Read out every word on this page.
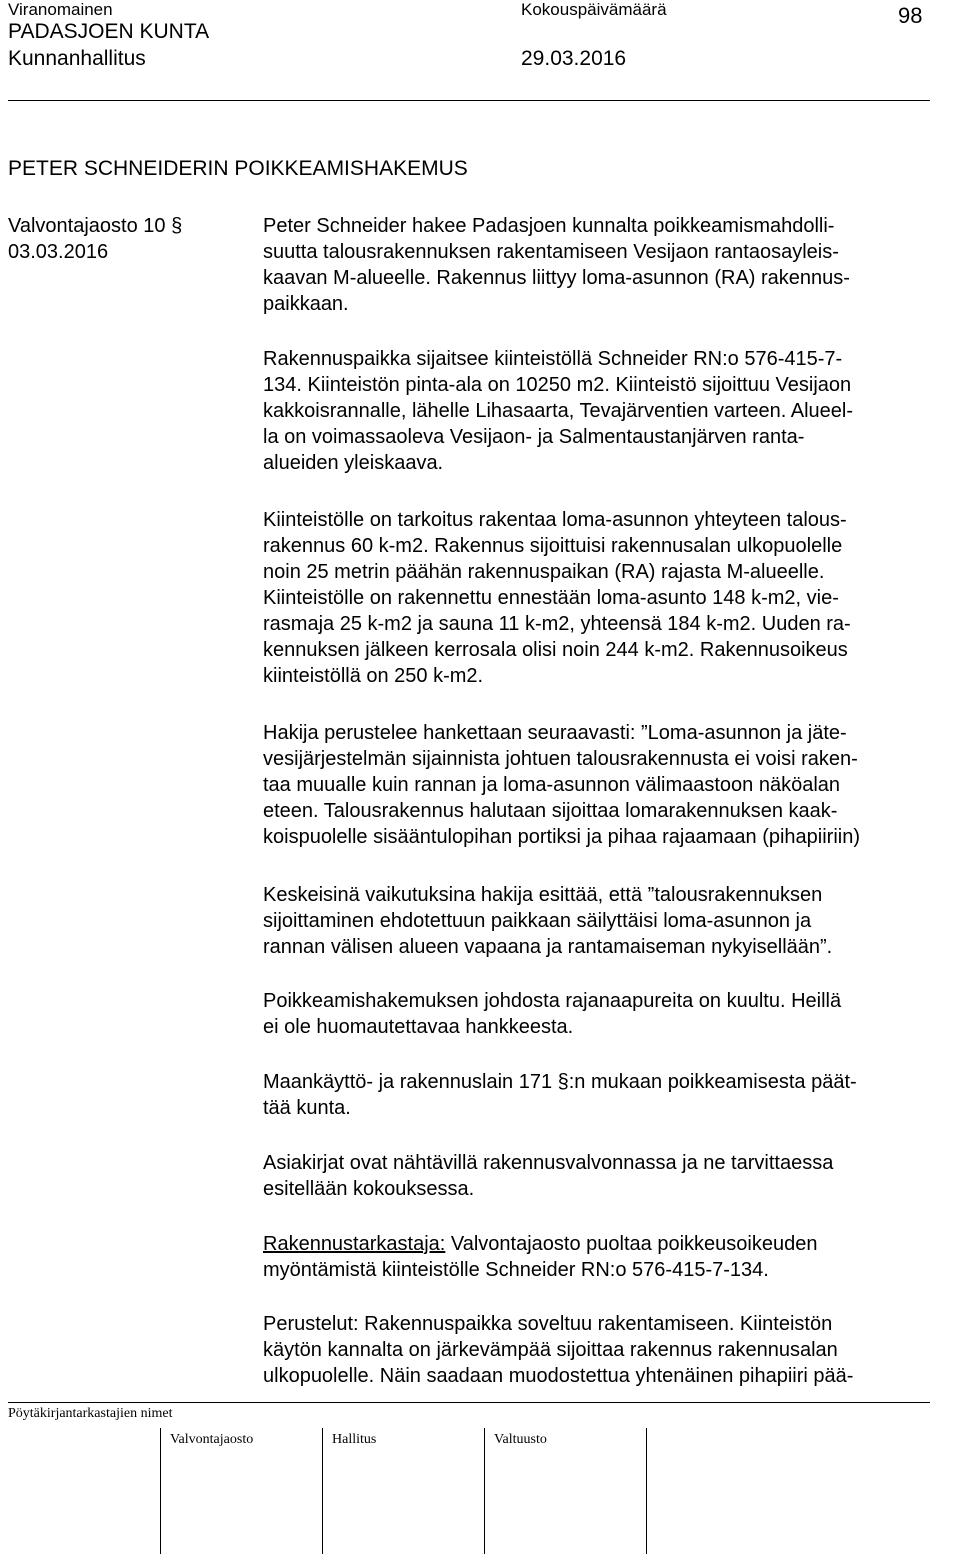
Viranomainen
PADASJOEN KUNTA
Kunnanhallitus
Kokouspäivämäärä
29.03.2016
98
PETER SCHNEIDERIN POIKKEAMISHAKEMUS
Valvontajaosto 10 §
03.03.2016
Peter Schneider hakee Padasjoen kunnalta poikkeamismahdolli-
suutta talousrakennuksen rakentamiseen Vesijaon rantaosayleis-
kaavan M-alueelle. Rakennus liittyy loma-asunnon (RA) rakennus-
paikkaan.
Rakennuspaikka sijaitsee kiinteistöllä Schneider RN:o 576-415-7-
134. Kiinteistön pinta-ala on 10250 m2. Kiinteistö sijoittuu Vesijaon
kakkoisrannalle, lähelle Lihasaarta, Tevajärventien varteen. Alueel-
la on voimassaoleva Vesijaon- ja Salmentaustanjärven ranta-
alueiden yleiskaava.
Kiinteistölle on tarkoitus rakentaa loma-asunnon yhteyteen talous-
rakennus 60 k-m2. Rakennus sijoittuisi rakennusalan ulkopuolelle
noin 25 metrin päähän rakennuspaikan (RA) rajasta M-alueelle.
Kiinteistölle on rakennettu ennestään loma-asunto 148 k-m2, vie-
rasmaja 25 k-m2 ja sauna 11 k-m2, yhteensä 184 k-m2. Uuden ra-
kennuksen jälkeen kerrosala olisi noin 244 k-m2. Rakennusoikeus
kiinteistöllä on 250 k-m2.
Hakija perustelee hankettaan seuraavasti: ”Loma-asunnon ja jäte-
vesijärjestelmän sijainnista johtuen talousrakennusta ei voisi raken-
taa muualle kuin rannan ja loma-asunnon välimaastoon näköalan
eteen. Talousrakennus halutaan sijoittaa lomarakennuksen kaak-
koispuolelle sisääntulopihan portiksi ja pihaa rajaamaan (pihapiiriin)
Keskeisinä vaikutuksina hakija esittää, että ”talousrakennuksen
sijoittaminen ehdotettuun paikkaan säilyttäisi loma-asunnon ja
rannan välisen alueen vapaana ja rantamaiseman nykyisellään”.
Poikkeamishakemuksen johdosta rajanaapureita on kuultu. Heillä
ei ole huomautettavaa hankkeesta.
Maankäyttö- ja rakennuslain 171 §:n mukaan poikkeamisesta päät-
tää kunta.
Asiakirjat ovat nähtävillä rakennusvalvonnassa ja ne tarvittaessa
esitellään kokouksessa.
Rakennustarkastaja: Valvontajaosto puoltaa poikkeusoikeuden
myöntämistä kiinteistölle Schneider RN:o 576-415-7-134.
Perustelut: Rakennuspaikka soveltuu rakentamiseen. Kiinteistön
käytön kannalta on järkevämpää sijoittaa rakennus rakennusalan
ulkopuolelle. Näin saadaan muodostettua yhtenäinen pihapiiri pää-
Pöytäkirjantarkastajien nimet
Valvontajaosto	Hallitus	Valtuusto
